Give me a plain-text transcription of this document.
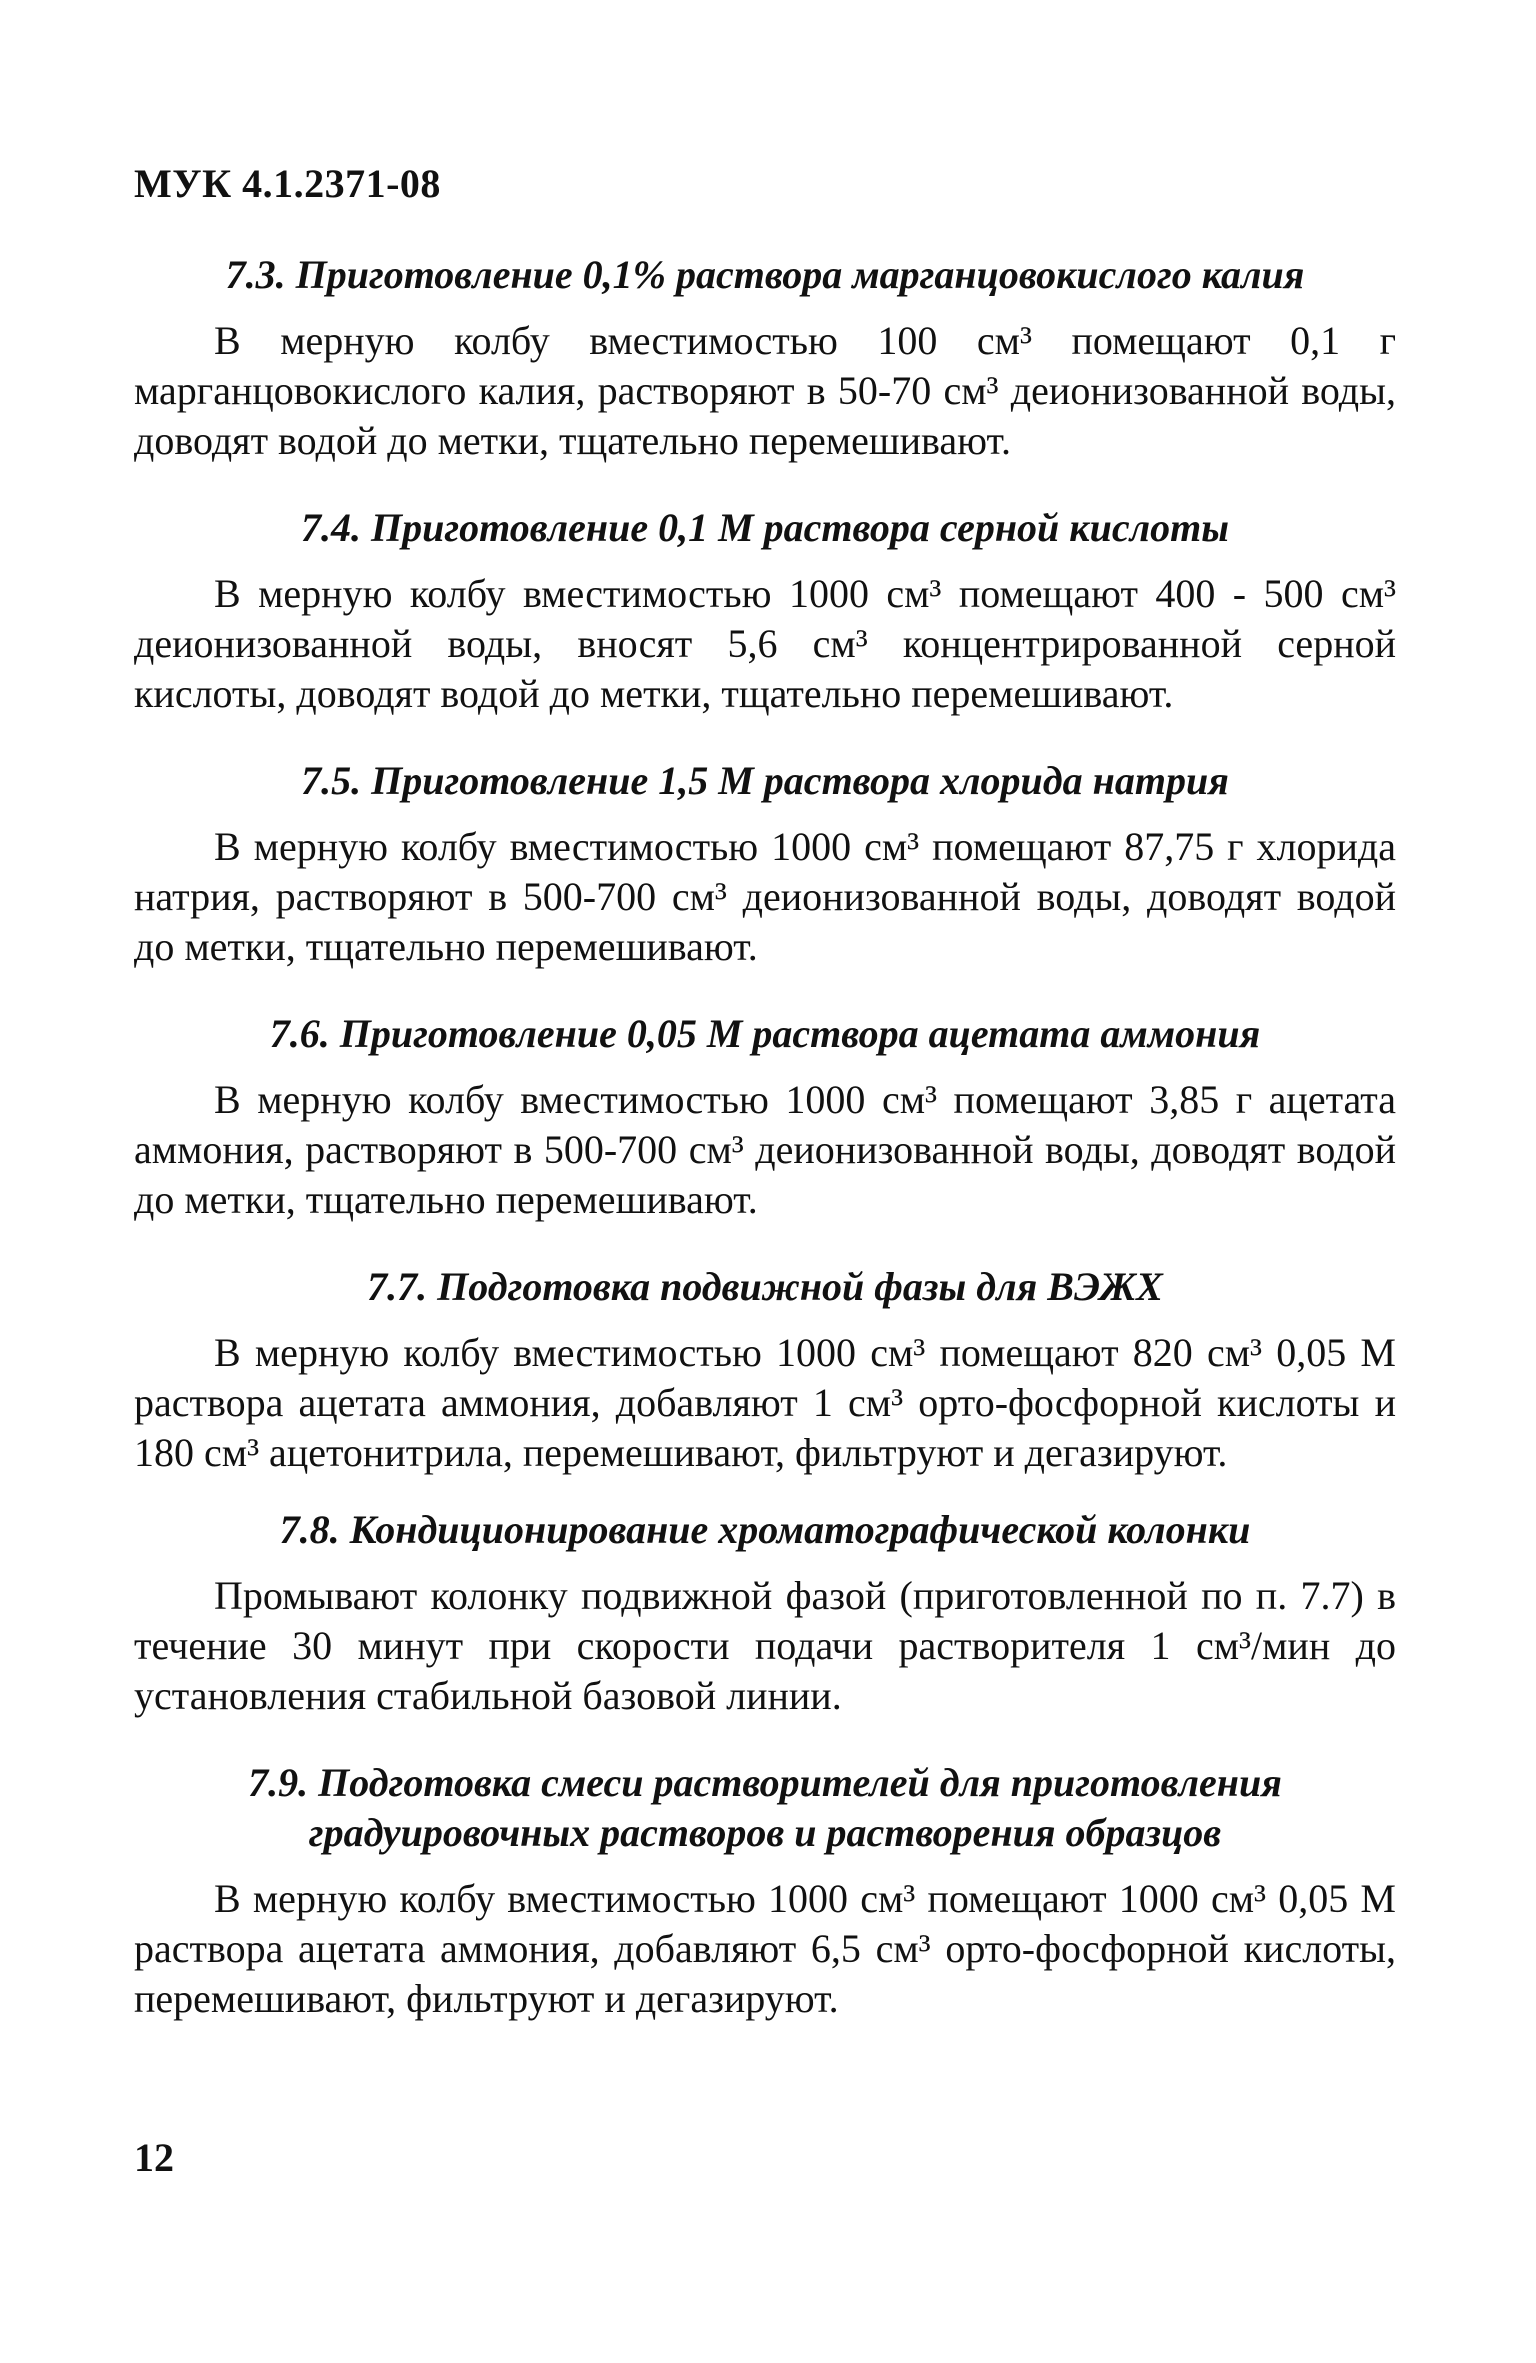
МУК 4.1.2371-08

7.3. Приготовление 0,1% раствора марганцовокислого калия

В мерную колбу вместимостью 100 см³ помещают 0,1 г марганцовокислого калия, растворяют в 50-70 см³ деионизованной воды, доводят водой до метки, тщательно перемешивают.

7.4. Приготовление 0,1 М раствора серной кислоты

В мерную колбу вместимостью 1000 см³ помещают 400 - 500 см³ деионизованной воды, вносят 5,6 см³ концентрированной серной кислоты, доводят водой до метки, тщательно перемешивают.

7.5. Приготовление 1,5 М раствора хлорида натрия

В мерную колбу вместимостью 1000 см³ помещают 87,75 г хлорида натрия, растворяют в 500-700 см³ деионизованной воды, доводят водой до метки, тщательно перемешивают.

7.6. Приготовление 0,05 М раствора ацетата аммония

В мерную колбу вместимостью 1000 см³ помещают 3,85 г ацетата аммония, растворяют в 500-700 см³ деионизованной воды, доводят водой до метки, тщательно перемешивают.

7.7. Подготовка подвижной фазы для ВЭЖХ

В мерную колбу вместимостью 1000 см³ помещают 820 см³ 0,05 М раствора ацетата аммония, добавляют 1 см³ орто-фосфорной кислоты и 180 см³ ацетонитрила, перемешивают, фильтруют и дегазируют.

7.8. Кондиционирование хроматографической колонки

Промывают колонку подвижной фазой (приготовленной по п. 7.7) в течение 30 минут при скорости подачи растворителя 1 см³/мин до установления стабильной базовой линии.

7.9. Подготовка смеси растворителей для приготовления градуировочных растворов и растворения образцов

В мерную колбу вместимостью 1000 см³ помещают 1000 см³ 0,05 М раствора ацетата аммония, добавляют 6,5 см³ орто-фосфорной кислоты, перемешивают, фильтруют и дегазируют.

12
